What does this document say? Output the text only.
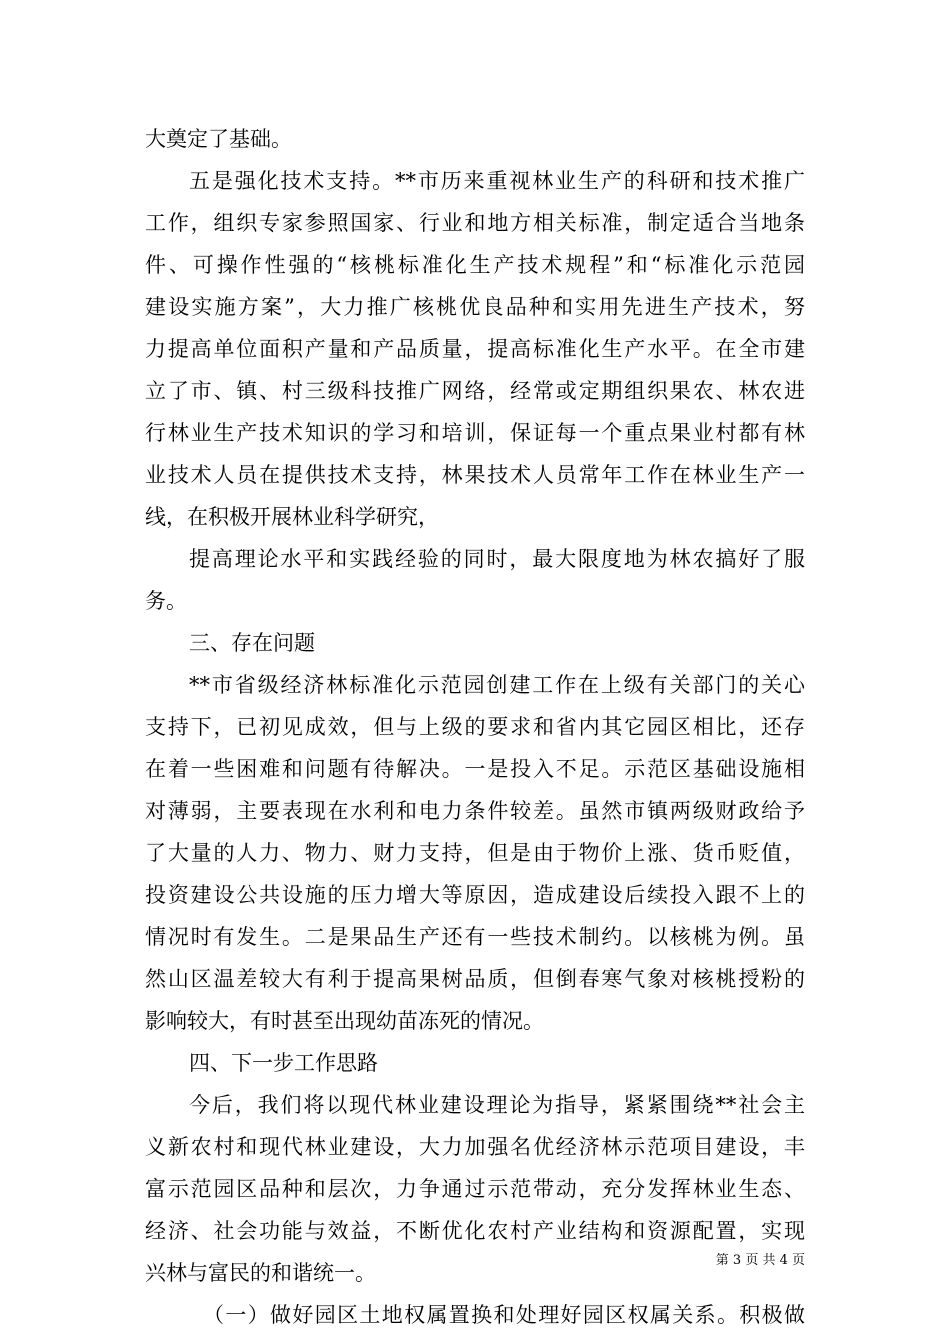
大奠定了基础。
五是强化技术支持。**市历来重视林业生产的科研和技术推广
工作，组织专家参照国家、行业和地方相关标准，制定适合当地条
件、可操作性强的“核桃标准化生产技术规程”和“标准化示范园
建设实施方案”，大力推广核桃优良品种和实用先进生产技术，努
力提高单位面积产量和产品质量，提高标准化生产水平。在全市建
立了市、镇、村三级科技推广网络，经常或定期组织果农、林农进
行林业生产技术知识的学习和培训，保证每一个重点果业村都有林
业技术人员在提供技术支持，林果技术人员常年工作在林业生产一
线，在积极开展林业科学研究，
提高理论水平和实践经验的同时，最大限度地为林农搞好了服
务。
三、存在问题
**市省级经济林标准化示范园创建工作在上级有关部门的关心
支持下，已初见成效，但与上级的要求和省内其它园区相比，还存
在着一些困难和问题有待解决。一是投入不足。示范区基础设施相
对薄弱，主要表现在水利和电力条件较差。虽然市镇两级财政给予
了大量的人力、物力、财力支持，但是由于物价上涨、货币贬值，
投资建设公共设施的压力增大等原因，造成建设后续投入跟不上的
情况时有发生。二是果品生产还有一些技术制约。以核桃为例。虽
然山区温差较大有利于提高果树品质，但倒春寒气象对核桃授粉的
影响较大，有时甚至出现幼苗冻死的情况。
四、下一步工作思路
今后，我们将以现代林业建设理论为指导，紧紧围绕**社会主
义新农村和现代林业建设，大力加强名优经济林示范项目建设，丰
富示范园区品种和层次，力争通过示范带动，充分发挥林业生态、
经济、社会功能与效益，不断优化农村产业结构和资源配置，实现
兴林与富民的和谐统一。
（一）做好园区土地权属置换和处理好园区权属关系。积极做
第 3 页 共 4 页
